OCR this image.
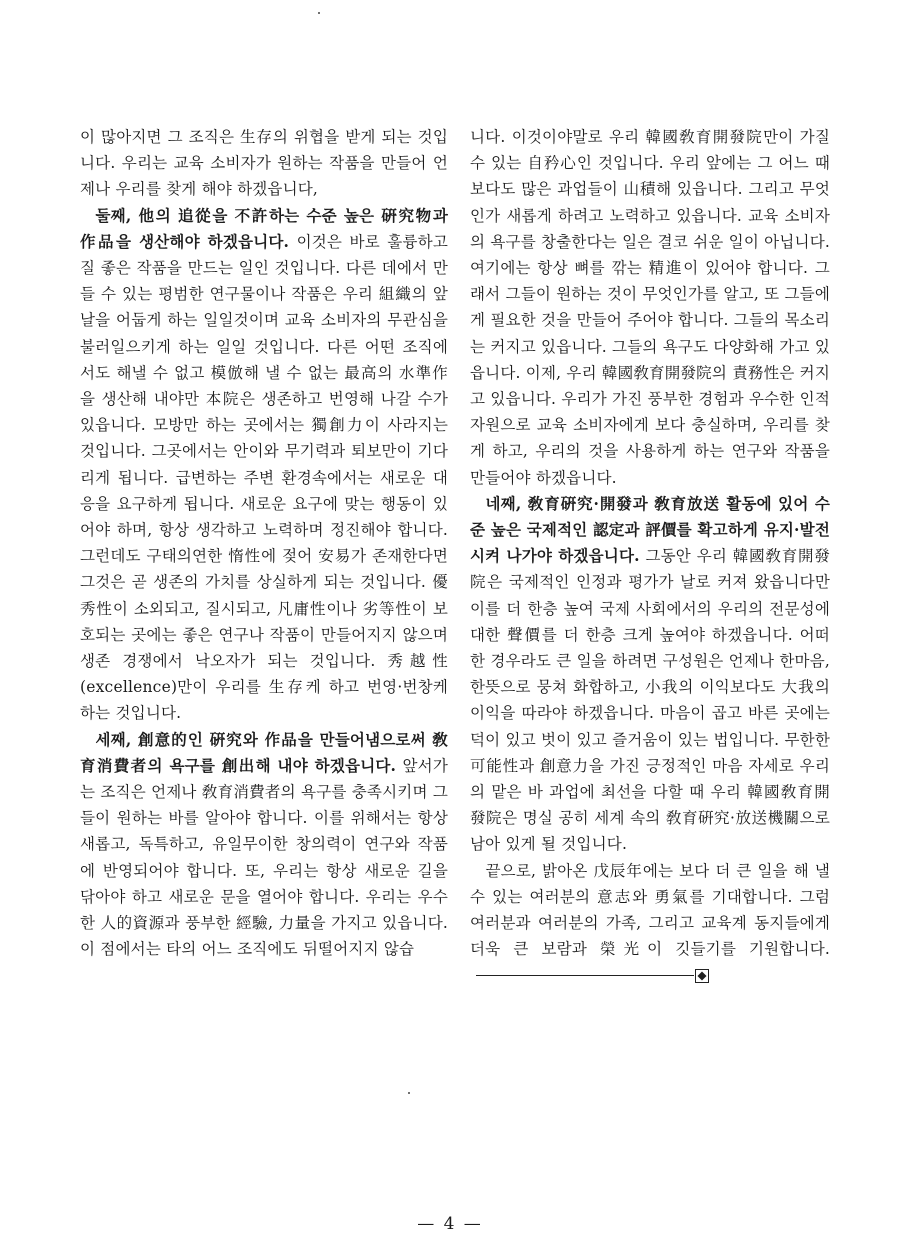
이 많아지면 그 조직은 生存의 위협을 받게 되는 것입니다. 우리는 교육 소비자가 원하는 작품을 만들어 언제나 우리를 찾게 해야 하겠읍니다,

둘째, 他의 追從을 不許하는 수준 높은 硏究物과 作品을 생산해야 하겠읍니다. 이것은 바로 훌륭하고 질 좋은 작품을 만드는 일인 것입니다. 다른 데에서 만들 수 있는 평범한 연구물이나 작품은 우리 組織의 앞날을 어둡게 하는 일일것이며 교육 소비자의 무관심을 불러일으키게 하는 일일 것입니다. 다른 어떤 조직에서도 해낼 수 없고 模倣해 낼 수 없는 最高의 水準作을 생산해 내야만 本院은 생존하고 번영해 나갈 수가 있읍니다. 모방만 하는 곳에서는 獨創力이 사라지는 것입니다. 그곳에서는 안이와 무기력과 퇴보만이 기다리게 됩니다. 급변하는 주변 환경속에서는 새로운 대응을 요구하게 됩니다. 새로운 요구에 맞는 행동이 있어야 하며, 항상 생각하고 노력하며 정진해야 합니다. 그런데도 구태의연한 惰性에 젖어 安易가 존재한다면 그것은 곧 생존의 가치를 상실하게 되는 것입니다. 優秀性이 소외되고, 질시되고, 凡庸性이나 劣等性이 보호되는 곳에는 좋은 연구나 작품이 만들어지지 않으며 생존 경쟁에서 낙오자가 되는 것입니다. 秀越性(excellence)만이 우리를 生存케 하고 번영·번창케 하는 것입니다.

세째, 創意的인 硏究와 作品을 만들어냄으로써 敎育消費者의 욕구를 創出해 내야 하겠읍니다. 앞서가는 조직은 언제나 敎育消費者의 욕구를 충족시키며 그들이 원하는 바를 알아야 합니다. 이를 위해서는 항상 새롭고, 독특하고, 유일무이한 창의력이 연구와 작품에 반영되어야 합니다. 또, 우리는 항상 새로운 길을 닦아야 하고 새로운 문을 열어야 합니다. 우리는 우수한 人的資源과 풍부한 經驗, 力量을 가지고 있읍니다. 이 점에서는 타의 어느 조직에도 뒤떨어지지 않습

니다. 이것이야말로 우리 韓國敎育開發院만이 가질 수 있는 自矜心인 것입니다. 우리 앞에는 그 어느 때보다도 많은 과업들이 山積해 있읍니다. 그리고 무엇인가 새롭게 하려고 노력하고 있읍니다. 교육 소비자의 욕구를 창출한다는 일은 결코 쉬운 일이 아닙니다. 여기에는 항상 뼈를 깎는 精進이 있어야 합니다. 그래서 그들이 원하는 것이 무엇인가를 알고, 또 그들에게 필요한 것을 만들어 주어야 합니다. 그들의 목소리는 커지고 있읍니다. 그들의 욕구도 다양화해 가고 있읍니다. 이제, 우리 韓國敎育開發院의 責務性은 커지고 있읍니다. 우리가 가진 풍부한 경험과 우수한 인적 자원으로 교육 소비자에게 보다 충실하며, 우리를 찾게 하고, 우리의 것을 사용하게 하는 연구와 작품을 만들어야 하겠읍니다.

네째, 敎育硏究·開發과 敎育放送 활동에 있어 수준 높은 국제적인 認定과 評價를 확고하게 유지·발전시켜 나가야 하겠읍니다. 그동안 우리 韓國敎育開發院은 국제적인 인정과 평가가 날로 커져 왔읍니다만 이를 더 한층 높여 국제 사회에서의 우리의 전문성에 대한 聲價를 더 한층 크게 높여야 하겠읍니다. 어떠한 경우라도 큰 일을 하려면 구성원은 언제나 한마음, 한뜻으로 뭉쳐 화합하고, 小我의 이익보다도 大我의 이익을 따라야 하겠읍니다. 마음이 곱고 바른 곳에는 덕이 있고 벗이 있고 즐거움이 있는 법입니다. 무한한 可能性과 創意力을 가진 긍정적인 마음 자세로 우리의 맡은 바 과업에 최선을 다할 때 우리 韓國敎育開發院은 명실 공히 세계 속의 敎育硏究·放送機關으로 남아 있게 될 것입니다.

끝으로, 밝아온 戊辰年에는 보다 더 큰 일을 해 낼 수 있는 여러분의 意志와 勇氣를 기대합니다. 그럼 여러분과 여러분의 가족, 그리고 교육계 동지들에게 더욱 큰 보람과 榮光이 깃들기를 기원합니다.

— 4 —
